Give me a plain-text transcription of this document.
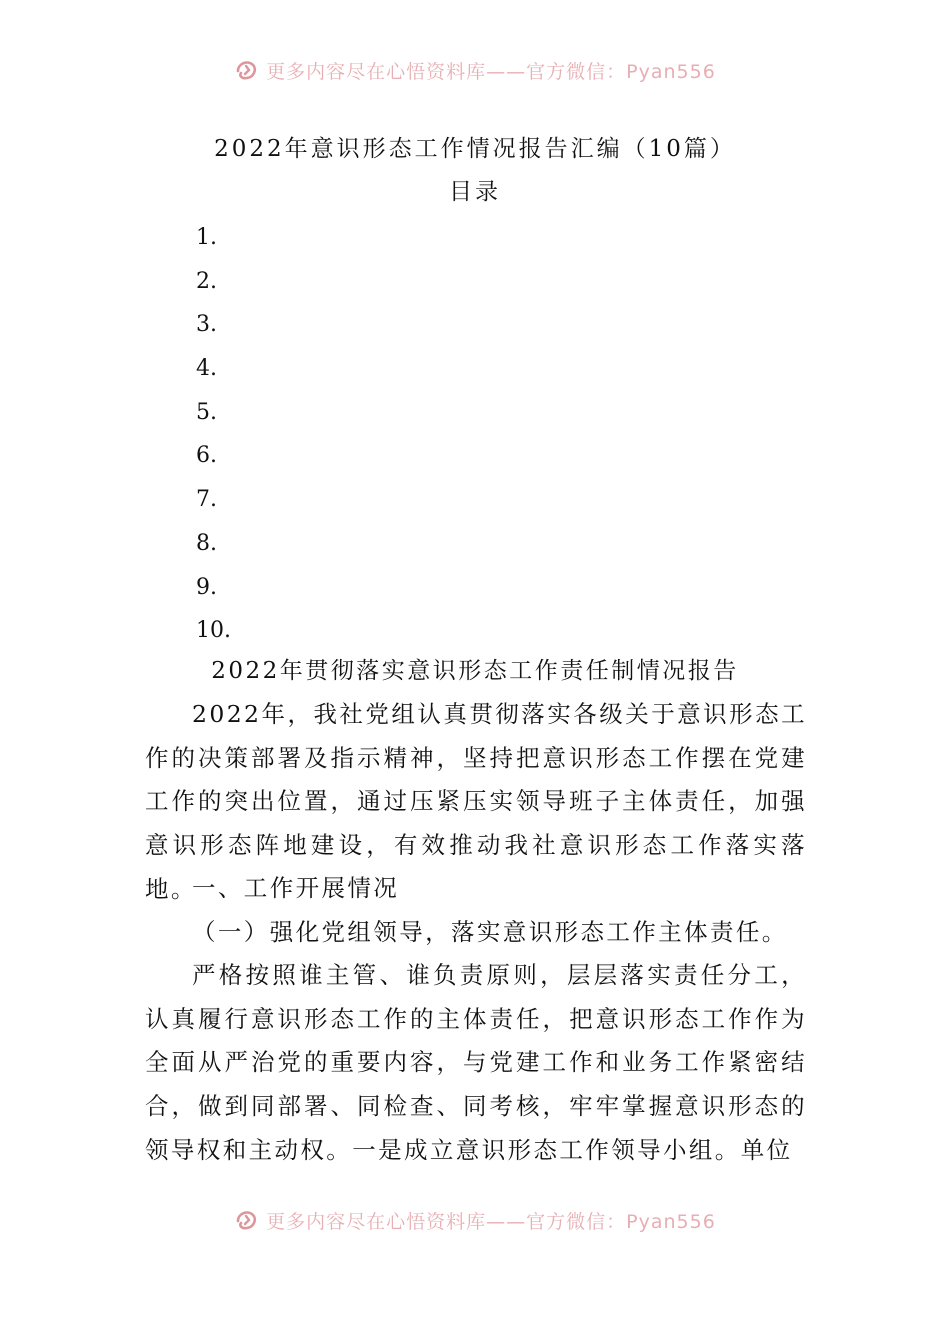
更多内容尽在心悟资料库——官方微信：Pyan556
2022年意识形态工作情况报告汇编（10篇）
目录
1.
2.
3.
4.
5.
6.
7.
8.
9.
10.
2022年贯彻落实意识形态工作责任制情况报告

2022年，我社党组认真贯彻落实各级关于意识形态工作的决策部署及指示精神，坚持把意识形态工作摆在党建工作的突出位置，通过压紧压实领导班子主体责任，加强意识形态阵地建设，有效推动我社意识形态工作落实落地。

一、工作开展情况

（一）强化党组领导，落实意识形态工作主体责任。

严格按照谁主管、谁负责原则，层层落实责任分工，认真履行意识形态工作的主体责任，把意识形态工作作为全面从严治党的重要内容，与党建工作和业务工作紧密结合，做到同部署、同检查、同考核，牢牢掌握意识形态的领导权和主动权。一是成立意识形态工作领导小组。单位

更多内容尽在心悟资料库——官方微信：Pyan556
